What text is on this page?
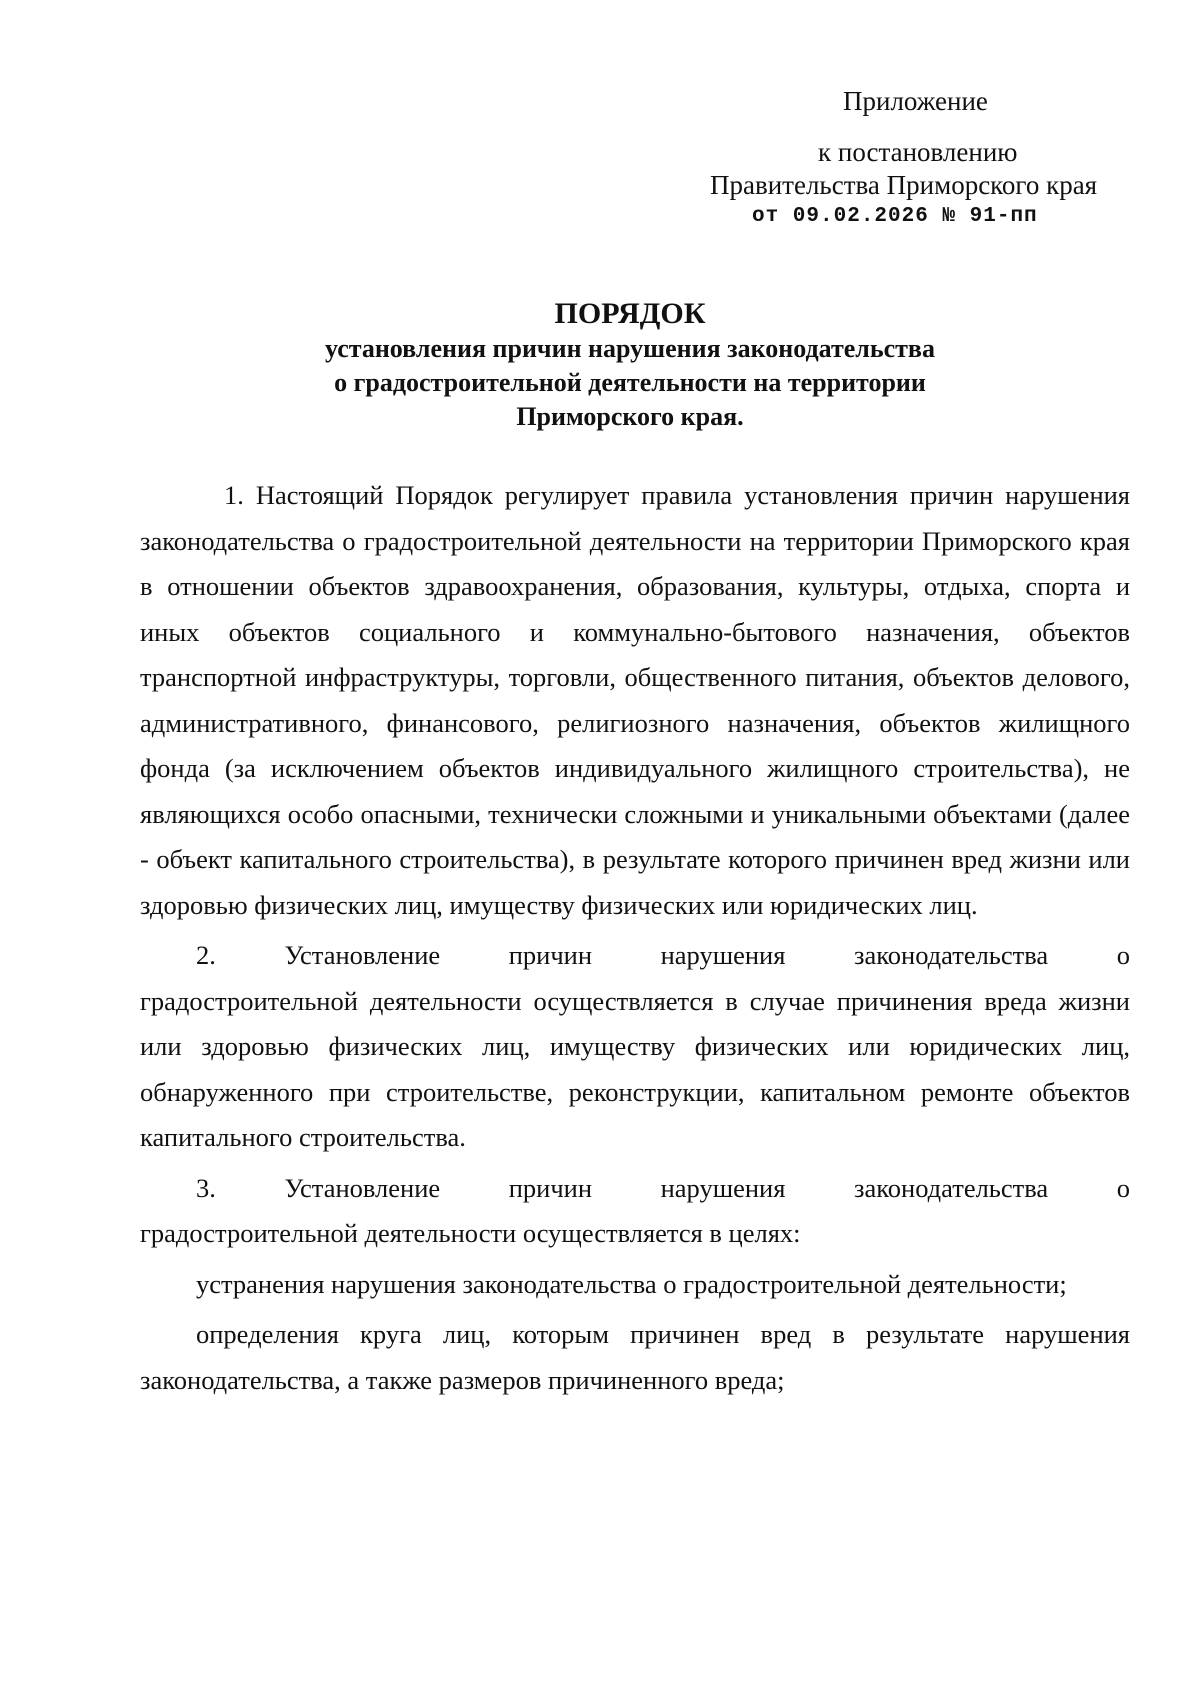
Приложение
к постановлению
Правительства Приморского края
от 09.02.2026 № 91-пп

ПОРЯДОК

установления причин нарушения законодательства

о градостроительной деятельности на территории

Приморского края.

1. Настоящий Порядок регулирует правила установления причин нарушения законодательства о градостроительной деятельности на территории Приморского края в отношении объектов здравоохранения, образования, культуры, отдыха, спорта и иных объектов социального и коммунально-бытового назначения, объектов транспортной инфраструктуры, торговли, общественного питания, объектов делового, административного, финансового, религиозного назначения, объектов жилищного фонда (за исключением объектов индивидуального жилищного строительства), не являющихся особо опасными, технически сложными и уникальными объектами (далее - объект капитального строительства), в результате которого причинен вред жизни или здоровью физических лиц, имуществу физических или юридических лиц.

2. Установление причин нарушения законодательства о

градостроительной деятельности осуществляется в случае причинения вреда жизни или здоровью физических лиц, имуществу физических или юридических лиц, обнаруженного при строительстве, реконструкции, капитальном ремонте объектов капитального строительства.

3. Установление причин нарушения законодательства о

градостроительной деятельности осуществляется в целях:

устранения нарушения законодательства о градостроительной деятельности;

определения круга лиц, которым причинен вред в результате нарушения законодательства, а также размеров причиненного вреда;
